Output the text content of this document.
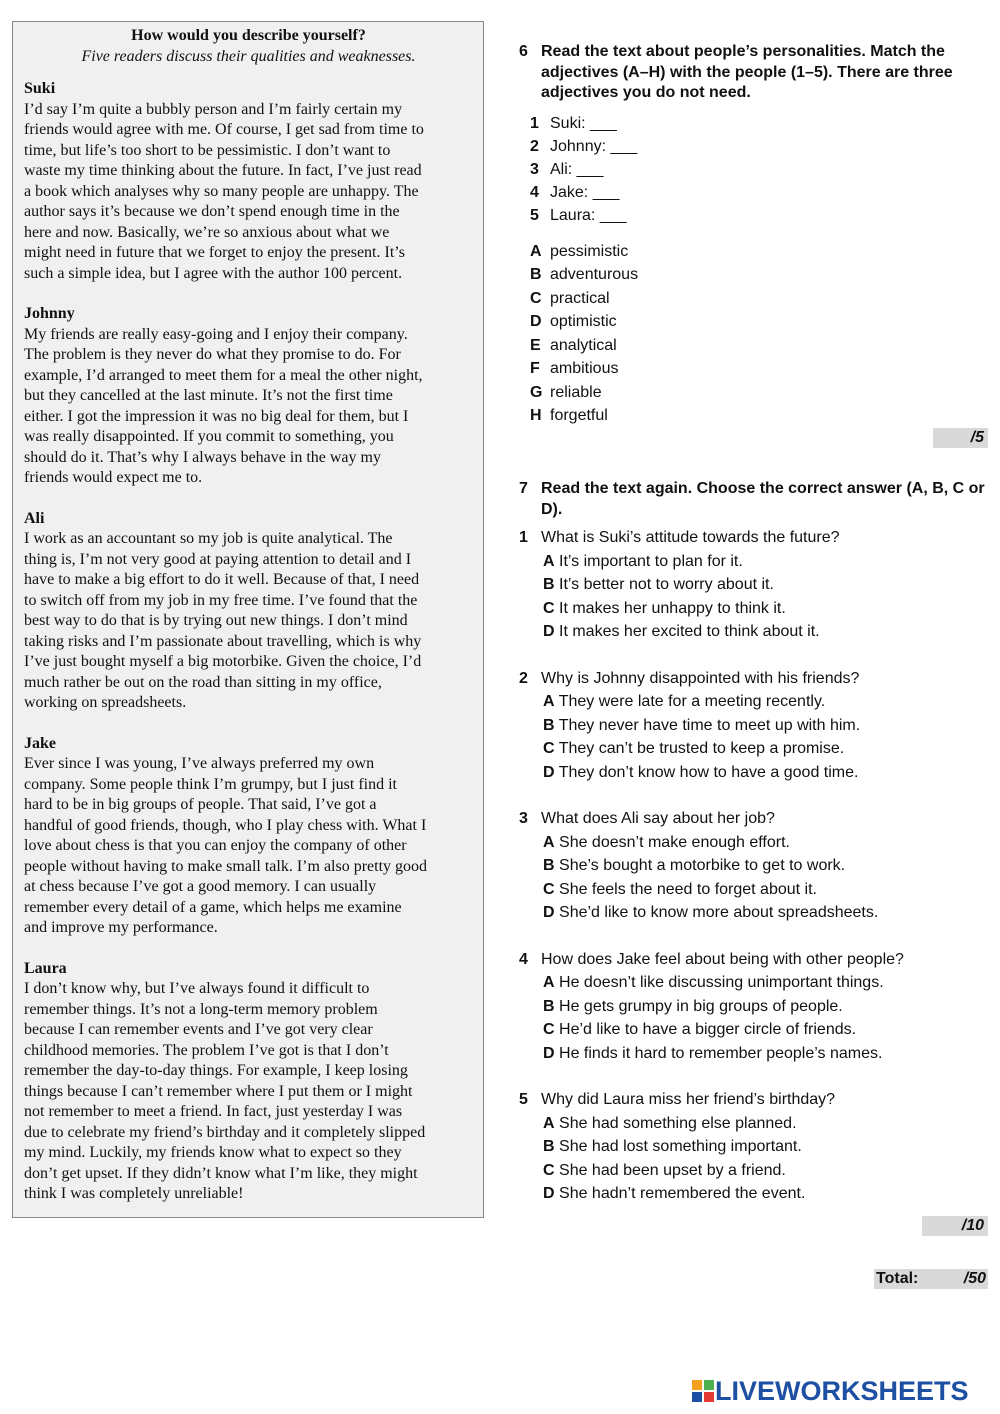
How would you describe yourself?

Five readers discuss their qualities and weaknesses.

Suki

I’d say I’m quite a bubbly person and I’m fairly certain my
friends would agree with me. Of course, I get sad from time to
time, but life’s too short to be pessimistic. I don’t want to
waste my time thinking about the future. In fact, I’ve just read
a book which analyses why so many people are unhappy. The
author says it’s because we don’t spend enough time in the
here and now. Basically, we’re so anxious about what we
might need in future that we forget to enjoy the present. It’s
such a simple idea, but I agree with the author 100 percent.

Johnny

My friends are really easy-going and I enjoy their company.
The problem is they never do what they promise to do. For
example, I’d arranged to meet them for a meal the other night,
but they cancelled at the last minute. It’s not the first time
either. I got the impression it was no big deal for them, but I
was really disappointed. If you commit to something, you
should do it. That’s why I always behave in the way my
friends would expect me to.

Ali

I work as an accountant so my job is quite analytical. The
thing is, I’m not very good at paying attention to detail and I
have to make a big effort to do it well. Because of that, I need
to switch off from my job in my free time. I’ve found that the
best way to do that is by trying out new things. I don’t mind
taking risks and I’m passionate about travelling, which is why
I’ve just bought myself a big motorbike. Given the choice, I’d
much rather be out on the road than sitting in my office,
working on spreadsheets.

Jake

Ever since I was young, I’ve always preferred my own
company. Some people think I’m grumpy, but I just find it
hard to be in big groups of people. That said, I’ve got a
handful of good friends, though, who I play chess with. What I
love about chess is that you can enjoy the company of other
people without having to make small talk. I’m also pretty good
at chess because I’ve got a good memory. I can usually
remember every detail of a game, which helps me examine
and improve my performance.

Laura

I don’t know why, but I’ve always found it difficult to
remember things. It’s not a long-term memory problem
because I can remember events and I’ve got very clear
childhood memories. The problem I’ve got is that I don’t
remember the day-to-day things. For example, I keep losing
things because I can’t remember where I put them or I might
not remember to meet a friend. In fact, just yesterday I was
due to celebrate my friend’s birthday and it completely slipped
my mind. Luckily, my friends know what to expect so they
don’t get upset. If they didn’t know what I’m like, they might
think I was completely unreliable!
6 Read the text about people’s personalities. Match the adjectives (A–H) with the people (1–5). There are three adjectives you do not need.
1 Suki: ___
2 Johnny: ___
3 Ali: ___
4 Jake: ___
5 Laura: ___
A pessimistic
B adventurous
C practical
D optimistic
E analytical
F ambitious
G reliable
H forgetful
/5
7 Read the text again. Choose the correct answer (A, B, C or D).
1 What is Suki’s attitude towards the future?
A It’s important to plan for it.
B It’s better not to worry about it.
C It makes her unhappy to think it.
D It makes her excited to think about it.
2 Why is Johnny disappointed with his friends?
A They were late for a meeting recently.
B They never have time to meet up with him.
C They can’t be trusted to keep a promise.
D They don’t know how to have a good time.
3 What does Ali say about her job?
A She doesn’t make enough effort.
B She’s bought a motorbike to get to work.
C She feels the need to forget about it.
D She’d like to know more about spreadsheets.
4 How does Jake feel about being with other people?
A He doesn’t like discussing unimportant things.
B He gets grumpy in big groups of people.
C He’d like to have a bigger circle of friends.
D He finds it hard to remember people’s names.
5 Why did Laura miss her friend’s birthday?
A She had something else planned.
B She had lost something important.
C She had been upset by a friend.
D She hadn’t remembered the event.
/10
Total:	/50
LIVEWORKSHEETS
